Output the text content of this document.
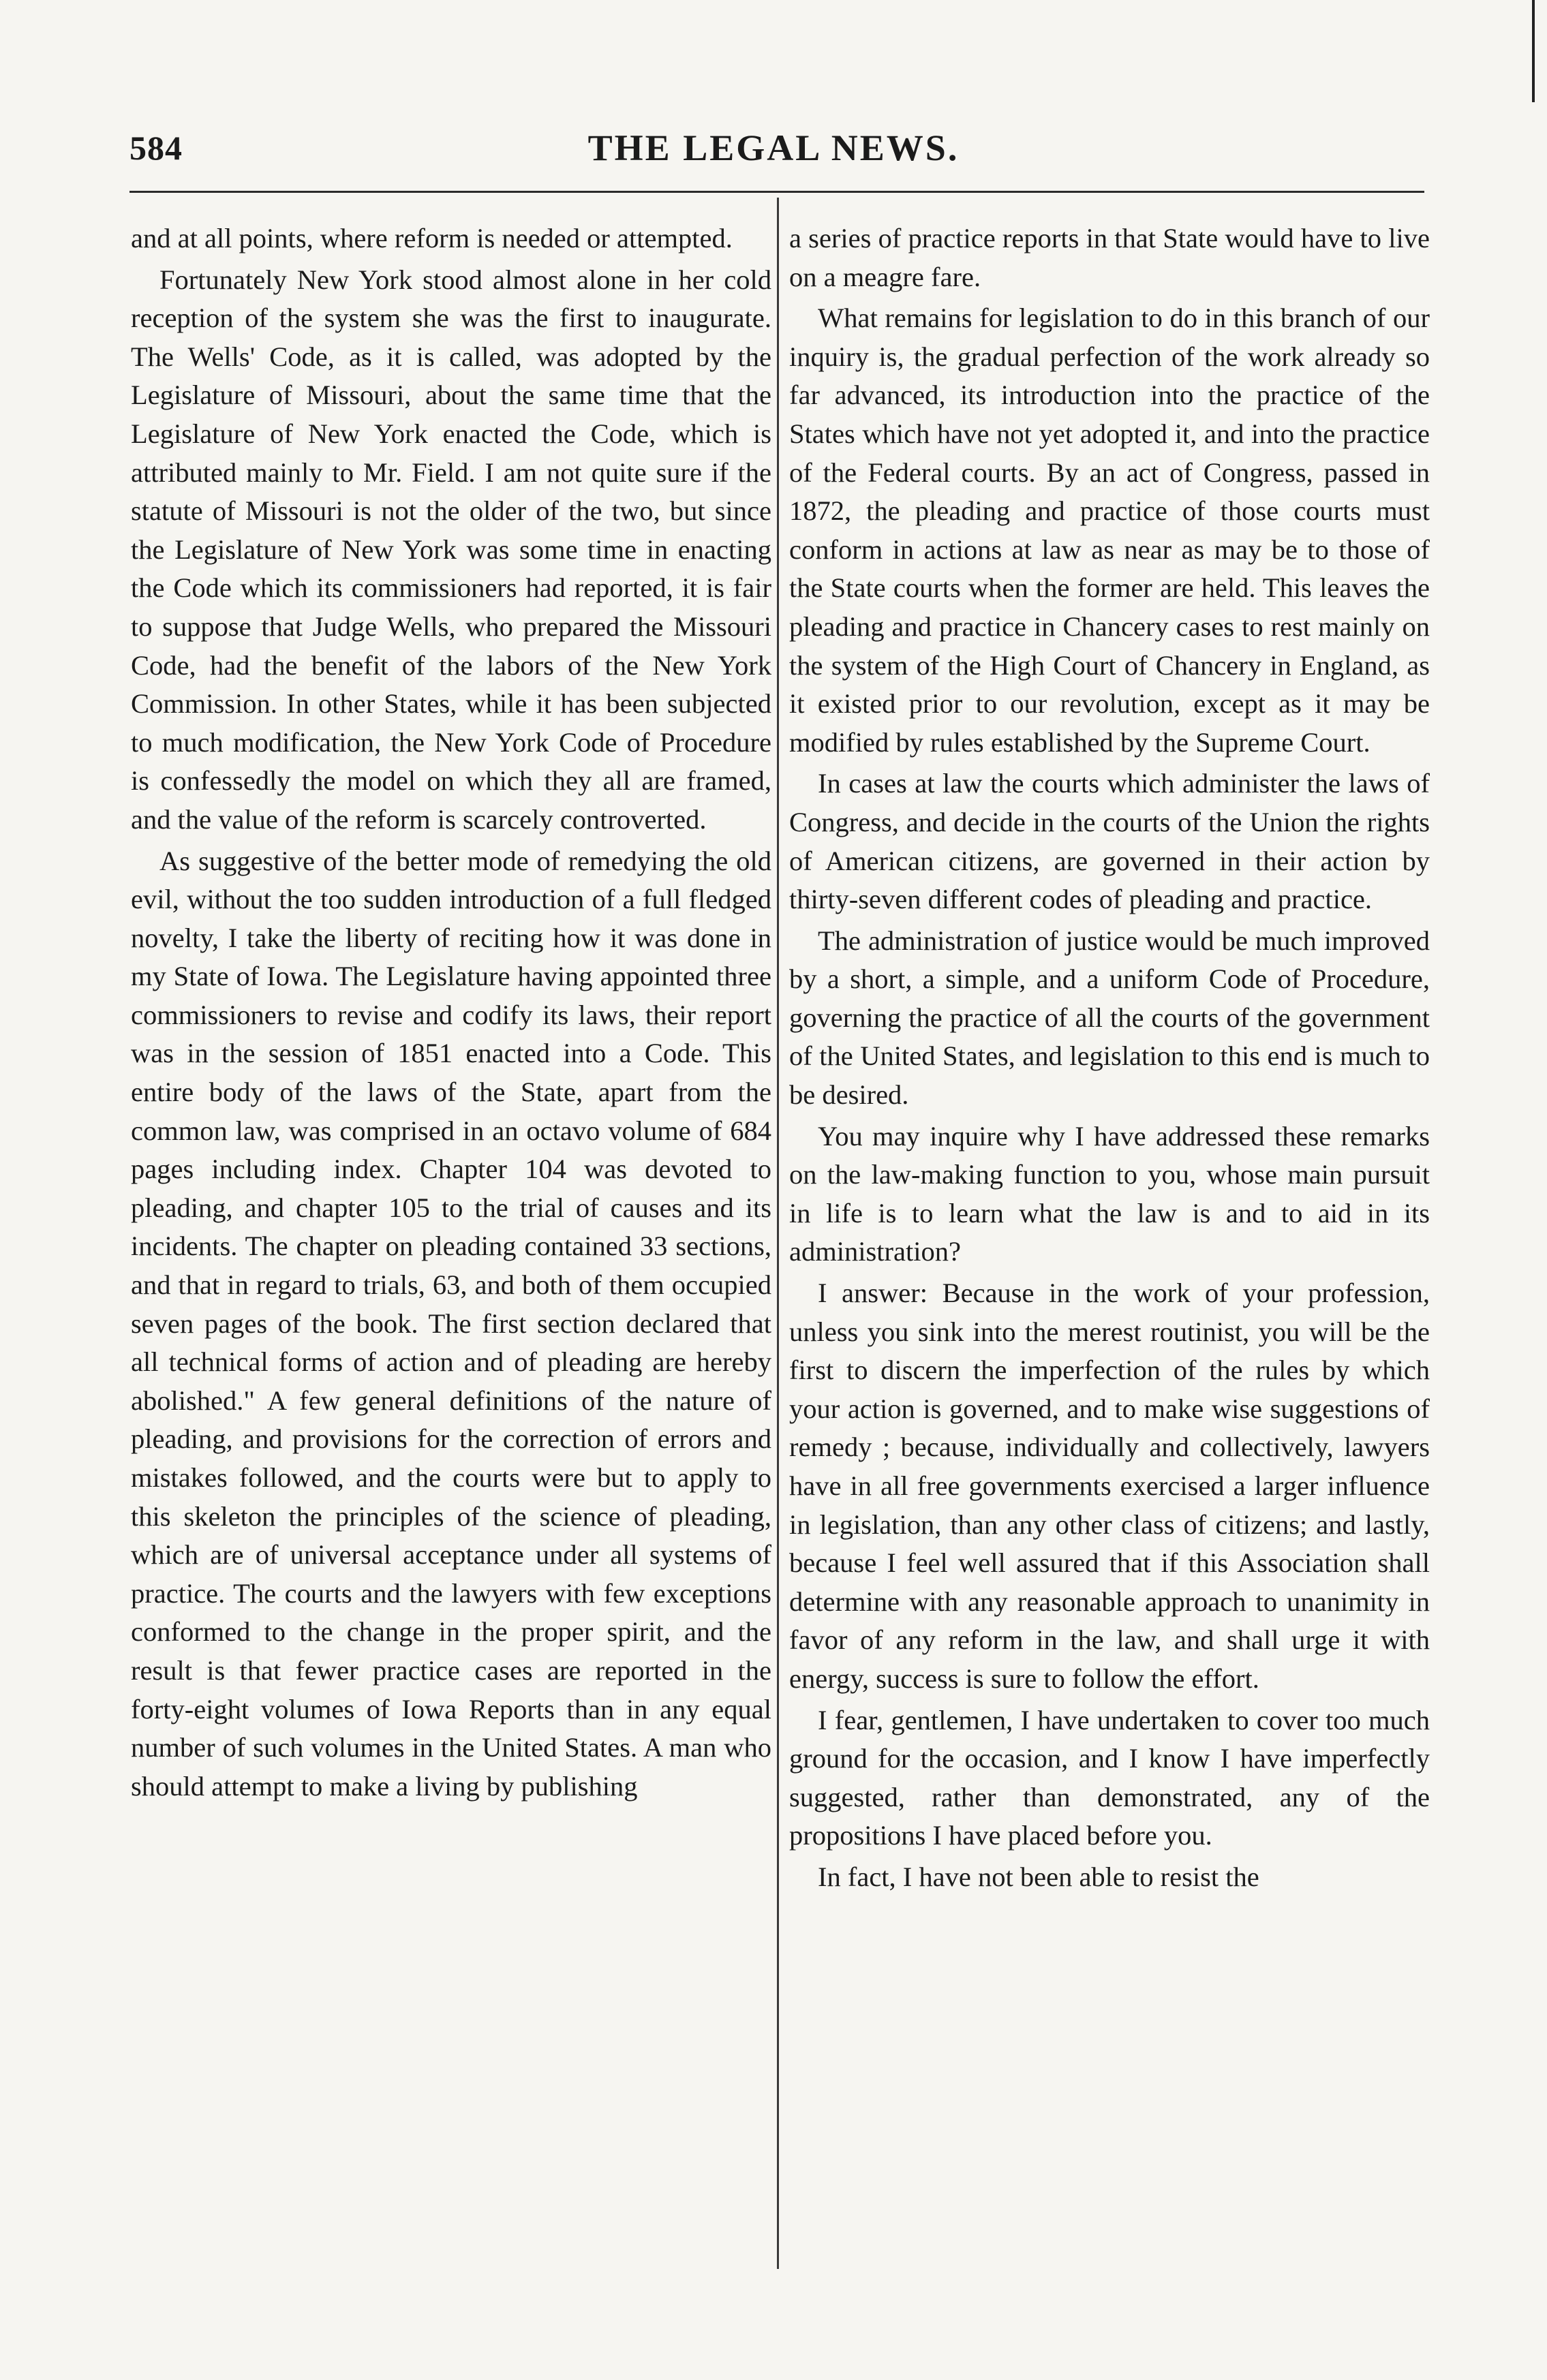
584	THE LEGAL NEWS.

and at all points, where reform is needed or attempted.

Fortunately New York stood almost alone in her cold reception of the system she was the first to inaugurate. The Wells' Code, as it is called, was adopted by the Legislature of Missouri, about the same time that the Legislature of New York enacted the Code, which is attributed mainly to Mr. Field. I am not quite sure if the statute of Missouri is not the older of the two, but since the Legislature of New York was some time in enacting the Code which its commissioners had reported, it is fair to suppose that Judge Wells, who prepared the Missouri Code, had the benefit of the labors of the New York Commission. In other States, while it has been subjected to much modification, the New York Code of Procedure is confessedly the model on which they all are framed, and the value of the reform is scarcely controverted.

As suggestive of the better mode of remedying the old evil, without the too sudden introduction of a full fledged novelty, I take the liberty of reciting how it was done in my State of Iowa. The Legislature having appointed three commissioners to revise and codify its laws, their report was in the session of 1851 enacted into a Code. This entire body of the laws of the State, apart from the common law, was comprised in an octavo volume of 684 pages including index. Chapter 104 was devoted to pleading, and chapter 105 to the trial of causes and its incidents. The chapter on pleading contained 33 sections, and that in regard to trials, 63, and both of them occupied seven pages of the book. The first section declared that all technical forms of action and of pleading are hereby abolished." A few general definitions of the nature of pleading, and provisions for the correction of errors and mistakes followed, and the courts were but to apply to this skeleton the principles of the science of pleading, which are of universal acceptance under all systems of practice. The courts and the lawyers with few exceptions conformed to the change in the proper spirit, and the result is that fewer practice cases are reported in the forty-eight volumes of Iowa Reports than in any equal number of such volumes in the United States. A man who should attempt to make a living by publishing

a series of practice reports in that State would have to live on a meagre fare.

What remains for legislation to do in this branch of our inquiry is, the gradual perfection of the work already so far advanced, its introduction into the practice of the States which have not yet adopted it, and into the practice of the Federal courts. By an act of Congress, passed in 1872, the pleading and practice of those courts must conform in actions at law as near as may be to those of the State courts when the former are held. This leaves the pleading and practice in Chancery cases to rest mainly on the system of the High Court of Chancery in England, as it existed prior to our revolution, except as it may be modified by rules established by the Supreme Court.

In cases at law the courts which administer the laws of Congress, and decide in the courts of the Union the rights of American citizens, are governed in their action by thirty-seven different codes of pleading and practice.

The administration of justice would be much improved by a short, a simple, and a uniform Code of Procedure, governing the practice of all the courts of the government of the United States, and legislation to this end is much to be desired.

You may inquire why I have addressed these remarks on the law-making function to you, whose main pursuit in life is to learn what the law is and to aid in its administration?

I answer: Because in the work of your profession, unless you sink into the merest routinist, you will be the first to discern the imperfection of the rules by which your action is governed, and to make wise suggestions of remedy ; because, individually and collectively, lawyers have in all free governments exercised a larger influence in legislation, than any other class of citizens; and lastly, because I feel well assured that if this Association shall determine with any reasonable approach to unanimity in favor of any reform in the law, and shall urge it with energy, success is sure to follow the effort.

I fear, gentlemen, I have undertaken to cover too much ground for the occasion, and I know I have imperfectly suggested, rather than demonstrated, any of the propositions I have placed before you.

In fact, I have not been able to resist the
